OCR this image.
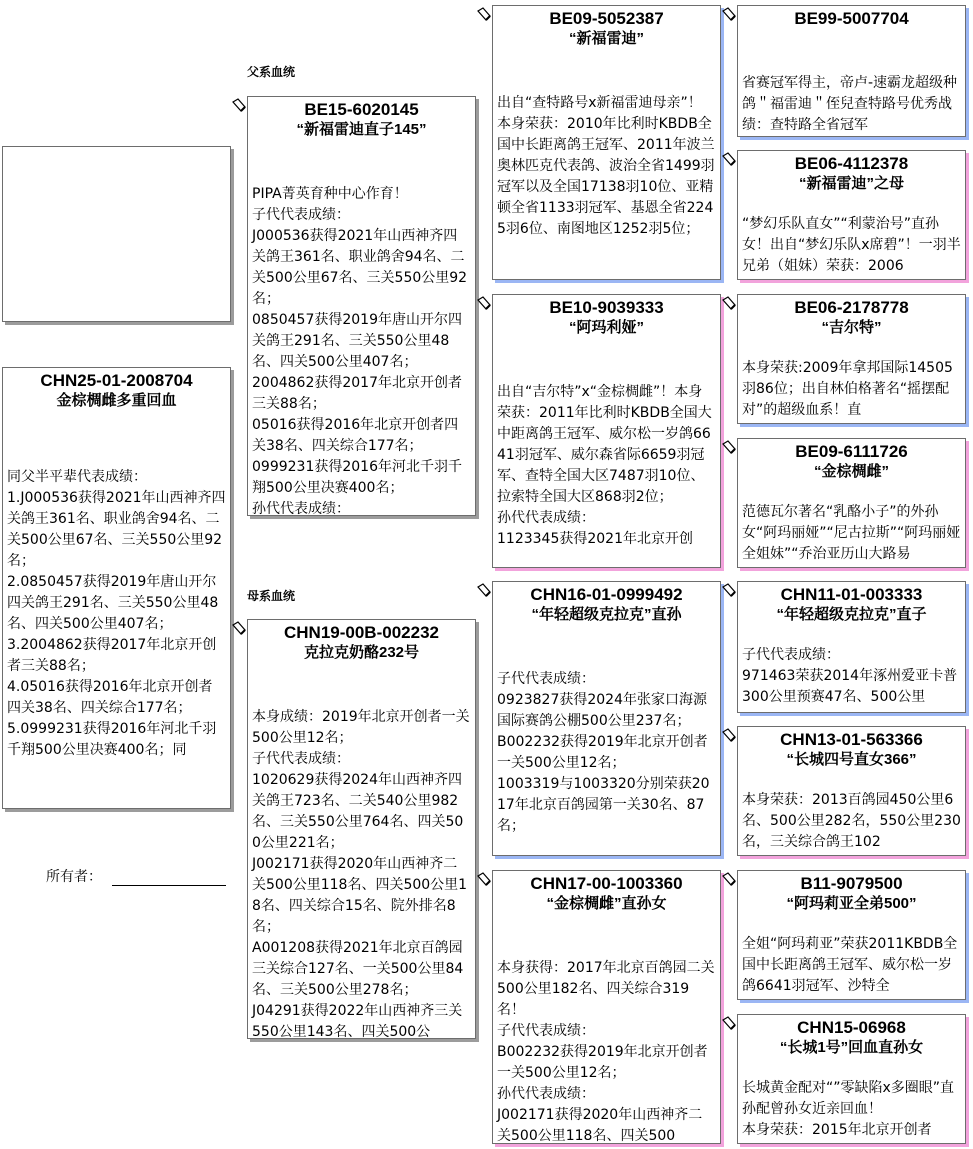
CHN25-01-2008704
金棕椆雌多重回血
同父半平辈代表成绩：
1.J000536获得2021年山西神齐四关鸽王361名、职业鸽舍94名、二关500公里67名、三关550公里92名；
2.0850457获得2019年唐山开尔四关鸽王291名、三关550公里48名、四关500公里407名；
3.2004862获得2017年北京开创者三关88名；
4.05016获得2016年北京开创者四关38名、四关综合177名；
5.0999231获得2016年河北千羽千翔500公里决赛400名；同
所有者：
父系血统
母系血统
BE15-6020145
“新福雷迪直子145”
PIPA菁英育种中心作育！
子代代表成绩：
J000536获得2021年山西神齐四关鸽王361名、职业鸽舍94名、二关500公里67名、三关550公里92名；
0850457获得2019年唐山开尔四关鸽王291名、三关550公里48名、四关500公里407名；
2004862获得2017年北京开创者三关88名；
05016获得2016年北京开创者四关38名、四关综合177名；
0999231获得2016年河北千羽千翔500公里决赛400名；
孙代代表成绩：
CHN19-00B-002232
克拉克奶酪232号
本身成绩：2019年北京开创者一关500公里12名；
子代代表成绩：
1020629获得2024年山西神齐四关鸽王723名、二关540公里982名、三关550公里764名、四关500公里221名；
J002171获得2020年山西神齐二关500公里118名、四关500公里18名、四关综合15名、院外排名8名；
A001208获得2021年北京百鸽园三关综合127名、一关500公里84名、三关500公里278名；
J04291获得2022年山西神齐三关550公里143名、四关500公
BE09-5052387
“新福雷迪”
出自“查特路号x新福雷迪母亲”！
本身荣获：2010年比利时KBDB全国中长距离鸽王冠军、2011年波兰奥林匹克代表鸽、波治全省1499羽冠军以及全国17138羽10位、亚精顿全省1133羽冠军、基恩全省2245羽6位、南图地区1252羽5位；
BE10-9039333
“阿玛利娅”
出自“吉尔特”x“金棕椆雌”！本身荣获：2011年比利时KBDB全国大中距离鸽王冠军、威尔松一岁鸽6641羽冠军、威尔森省际6659羽冠军、查特全国大区7487羽10位、拉索特全国大区868羽2位；
孙代代表成绩：
1123345获得2021年北京开创
CHN16-01-0999492
“年轻超级克拉克”直孙
子代代表成绩：
0923827获得2024年张家口海源国际赛鸽公棚500公里237名；
B002232获得2019年北京开创者一关500公里12名；
1003319与1003320分别荣获2017年北京百鸽园第一关30名、87名；
CHN17-00-1003360
“金棕椆雌”直孙女
本身获得：2017年北京百鸽园二关500公里182名、四关综合319名！
子代代表成绩：
B002232获得2019年北京开创者一关500公里12名；
孙代代表成绩：
J002171获得2020年山西神齐二关500公里118名、四关500
BE99-5007704
省赛冠军得主，帝卢-速霸龙超级种鸽＂福雷迪＂侄兒查特路号优秀战绩：查特路全省冠军
BE06-4112378
“新福雷迪”之母
“梦幻乐队直女”“利蒙治号”直孙女！出自“梦幻乐队x席碧”！一羽半兄弟（姐妹）荣获：2006
BE06-2178778
“吉尔特”
本身荣获:2009年拿邦国际14505羽86位；出自林伯格著名“摇摆配对”的超级血系！直
BE09-6111726
“金棕椆雌”
范德瓦尔著名“乳酪小子”的外孙女“阿玛丽娅”“尼古拉斯”“阿玛丽娅全姐妹”“乔治亚历山大路易
CHN11-01-003333
“年轻超级克拉克”直子
子代代表成绩：
971463荣获2014年涿州爱亚卡普300公里预赛47名、500公里
CHN13-01-563366
“长城四号直女366”
本身荣获：2013百鸽园450公里6名、500公里282名，550公里230名，三关综合鸽王102
B11-9079500
“阿玛莉亚全弟500”
全姐“阿玛莉亚”荣获2011KBDB全国中长距离鸽王冠军、威尔松一岁鸽6641羽冠军、沙特全
CHN15-06968
“长城1号”回血直孙女
长城黄金配对“”零缺陷x多圈眼”直孙配曾孙女近亲回血！
本身荣获：2015年北京开创者
